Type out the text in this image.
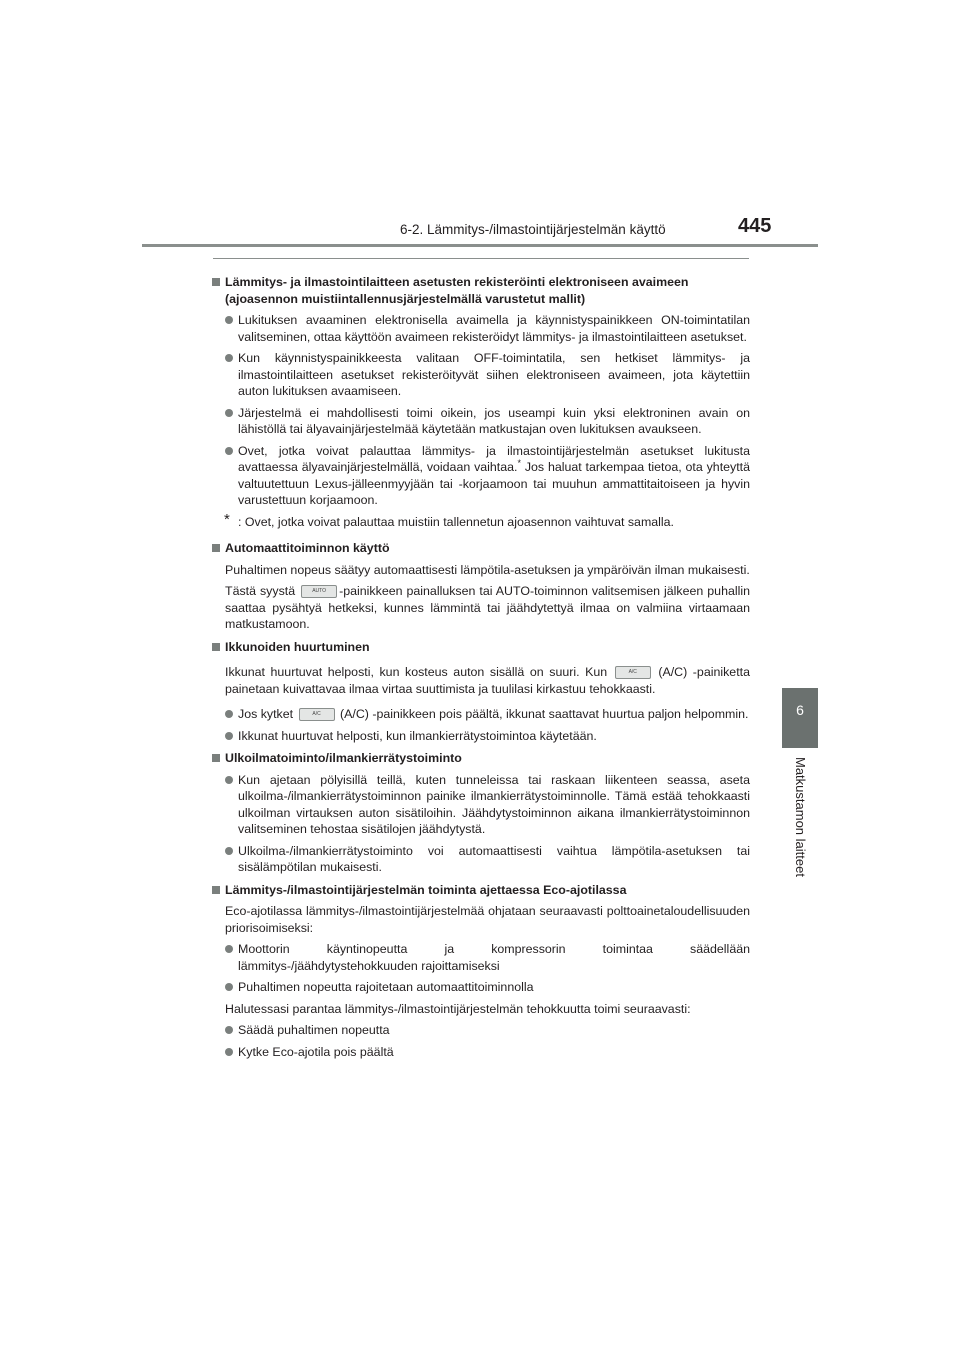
6-2. Lämmitys-/ilmastointijärjestelmän käyttö	445
6
Matkustamon laitteet
Lämmitys- ja ilmastointilaitteen asetusten rekisteröinti elektroniseen avaimeen (ajoasennon muistiintallennusjärjestelmällä varustetut mallit)
Lukituksen avaaminen elektronisella avaimella ja käynnistyspainikkeen ON-toimintatilan valitseminen, ottaa käyttöön avaimeen rekisteröidyt lämmitys- ja ilmastointilaitteen asetukset.
Kun käynnistyspainikkeesta valitaan OFF-toimintatila, sen hetkiset lämmitys- ja ilmastointilaitteen asetukset rekisteröityvät siihen elektroniseen avaimeen, jota käytettiin auton lukituksen avaamiseen.
Järjestelmä ei mahdollisesti toimi oikein, jos useampi kuin yksi elektroninen avain on lähistöllä tai älyavainjärjestelmää käytetään matkustajan oven lukituksen avaukseen.
Ovet, jotka voivat palauttaa lämmitys- ja ilmastointijärjestelmän asetukset lukitusta avattaessa älyavainjärjestelmällä, voidaan vaihtaa.* Jos haluat tarkempaa tietoa, ota yhteyttä valtuutettuun Lexus-jälleenmyyjään tai -korjaamoon tai muuhun ammattitaitoiseen ja hyvin varustettuun korjaamoon.
* : Ovet, jotka voivat palauttaa muistiin tallennetun ajoasennon vaihtuvat samalla.
Automaattitoiminnon käyttö
Puhaltimen nopeus säätyy automaattisesti lämpötila-asetuksen ja ympäröivän ilman mukaisesti.
Tästä syystä	AUTO	-painikkeen painalluksen tai AUTO-toiminnon valitsemisen jälkeen puhallin saattaa pysähtyä hetkeksi, kunnes lämmintä tai jäähdytettyä ilmaa on valmiina virtaamaan matkustamoon.
Ikkunoiden huurtuminen
Ikkunat huurtuvat helposti, kun kosteus auton sisällä on suuri. Kun	A/C	(A/C) -painiketta painetaan kuivattavaa ilmaa virtaa suuttimista ja tuulilasi kirkastuu tehokkaasti.
Jos kytket	A/C	(A/C) -painikkeen pois päältä, ikkunat saattavat huurtua paljon helpommin.
Ikkunat huurtuvat helposti, kun ilmankierrätystoimintoa käytetään.
Ulkoilmatoiminto/ilmankierrätystoiminto
Kun ajetaan pölyisillä teillä, kuten tunneleissa tai raskaan liikenteen seassa, aseta ulkoilma-/ilmankierrätystoiminnon painike ilmankierrätystoiminnolle. Tämä estää tehokkaasti ulkoilman virtauksen auton sisätiloihin. Jäähdytystoiminnon aikana ilmankierrätystoiminnon valitseminen tehostaa sisätilojen jäähdytystä.
Ulkoilma-/ilmankierrätystoiminto voi automaattisesti vaihtua lämpötila-asetuksen tai sisälämpötilan mukaisesti.
Lämmitys-/ilmastointijärjestelmän toiminta ajettaessa Eco-ajotilassa
Eco-ajotilassa lämmitys-/ilmastointijärjestelmää ohjataan seuraavasti polttoainetaloudellisuuden priorisoimiseksi:
Moottorin käyntinopeutta ja kompressorin toimintaa säädellään lämmitys-/jäähdytystehokkuuden rajoittamiseksi
Puhaltimen nopeutta rajoitetaan automaattitoiminnolla
Halutessasi parantaa lämmitys-/ilmastointijärjestelmän tehokkuutta toimi seuraavasti:
Säädä puhaltimen nopeutta
Kytke Eco-ajotila pois päältä
